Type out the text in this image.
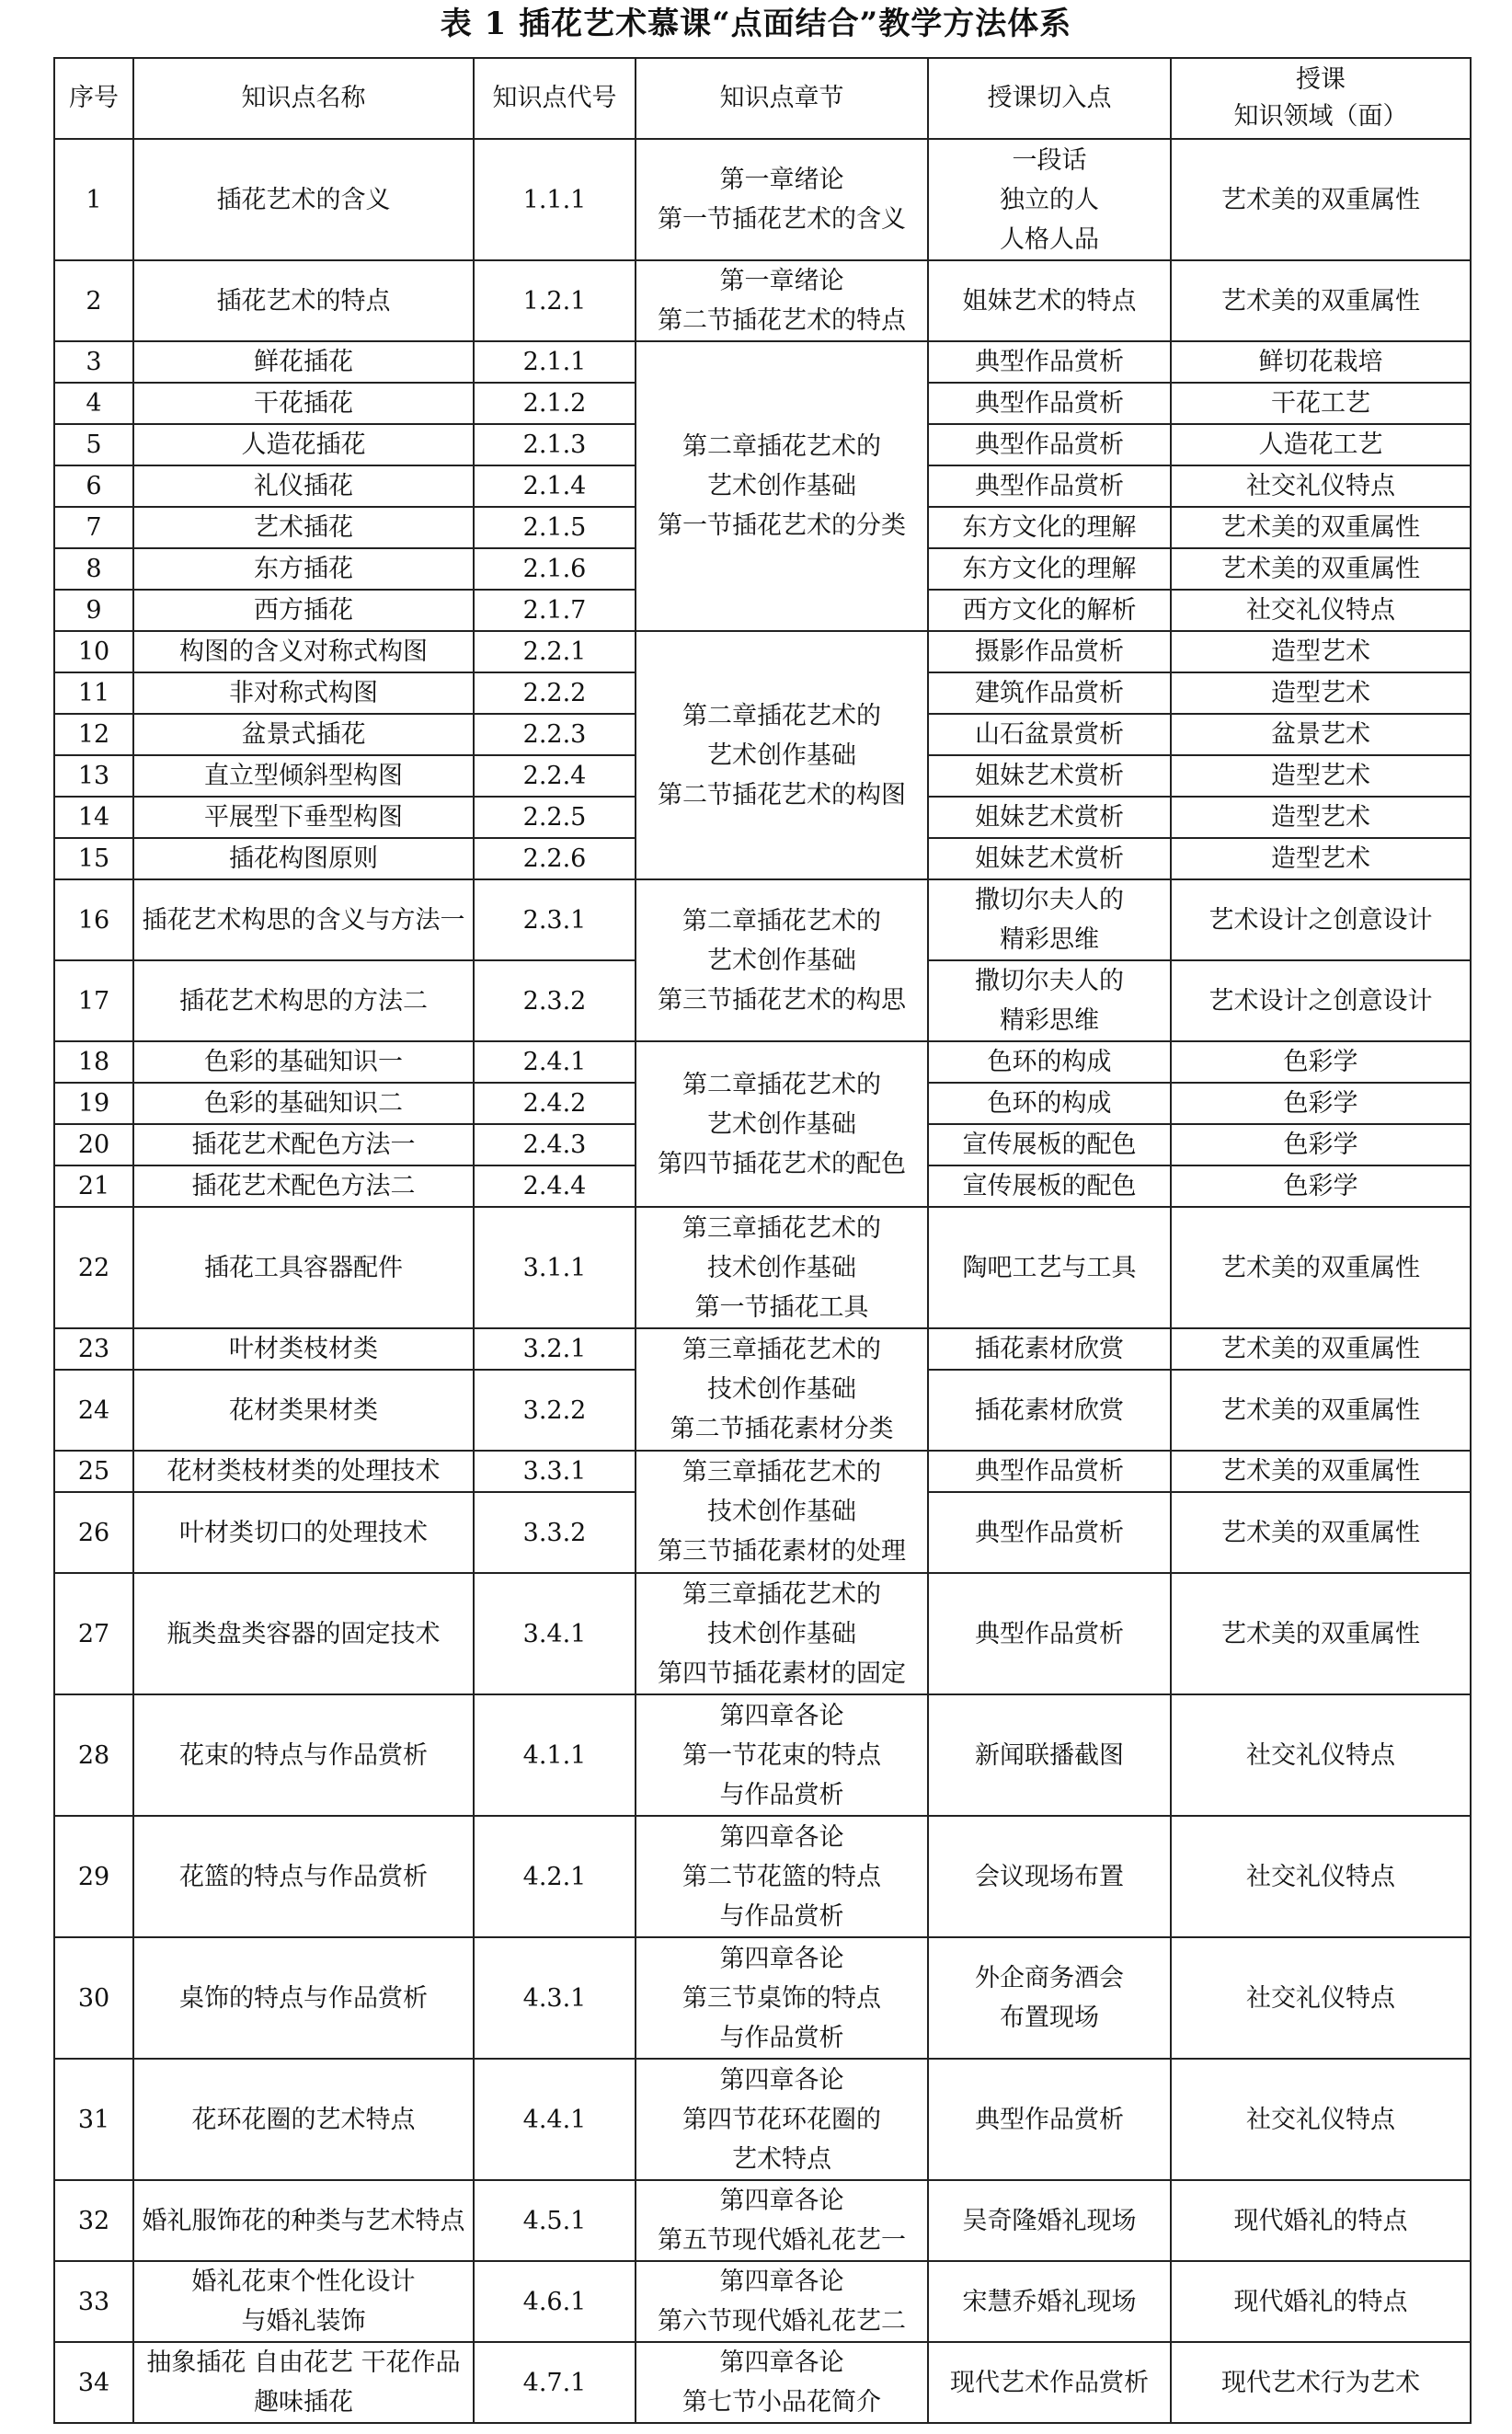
表 1 插花艺术慕课“点面结合”教学方法体系
序号	知识点名称	知识点代号	知识点章节	授课切入点	授课
知识领域（面）
1	插花艺术的含义	1.1.1	第一章绪论
第一节插花艺术的含义	一段话
独立的人
人格人品	艺术美的双重属性
2	插花艺术的特点	1.2.1	第一章绪论
第二节插花艺术的特点	姐妹艺术的特点	艺术美的双重属性
3	鲜花插花	2.1.1	第二章插花艺术的
艺术创作基础
第一节插花艺术的分类	典型作品赏析	鲜切花栽培
4	干花插花	2.1.2		典型作品赏析	干花工艺
5	人造花插花	2.1.3		典型作品赏析	人造花工艺
6	礼仪插花	2.1.4		典型作品赏析	社交礼仪特点
7	艺术插花	2.1.5		东方文化的理解	艺术美的双重属性
8	东方插花	2.1.6		东方文化的理解	艺术美的双重属性
9	西方插花	2.1.7		西方文化的解析	社交礼仪特点
10	构图的含义对称式构图	2.2.1	第二章插花艺术的
艺术创作基础
第二节插花艺术的构图	摄影作品赏析	造型艺术
11	非对称式构图	2.2.2		建筑作品赏析	造型艺术
12	盆景式插花	2.2.3		山石盆景赏析	盆景艺术
13	直立型倾斜型构图	2.2.4		姐妹艺术赏析	造型艺术
14	平展型下垂型构图	2.2.5		姐妹艺术赏析	造型艺术
15	插花构图原则	2.2.6		姐妹艺术赏析	造型艺术
16	插花艺术构思的含义与方法一	2.3.1	第二章插花艺术的
艺术创作基础
第三节插花艺术的构思	撒切尔夫人的
精彩思维	艺术设计之创意设计
17	插花艺术构思的方法二	2.3.2		撒切尔夫人的
精彩思维	艺术设计之创意设计
18	色彩的基础知识一	2.4.1	第二章插花艺术的
艺术创作基础
第四节插花艺术的配色	色环的构成	色彩学
19	色彩的基础知识二	2.4.2		色环的构成	色彩学
20	插花艺术配色方法一	2.4.3		宣传展板的配色	色彩学
21	插花艺术配色方法二	2.4.4		宣传展板的配色	色彩学
22	插花工具容器配件	3.1.1	第三章插花艺术的
技术创作基础
第一节插花工具	陶吧工艺与工具	艺术美的双重属性
23	叶材类枝材类	3.2.1	第三章插花艺术的
技术创作基础
第二节插花素材分类	插花素材欣赏	艺术美的双重属性
24	花材类果材类	3.2.2		插花素材欣赏	艺术美的双重属性
25	花材类枝材类的处理技术	3.3.1	第三章插花艺术的
技术创作基础
第三节插花素材的处理	典型作品赏析	艺术美的双重属性
26	叶材类切口的处理技术	3.3.2		典型作品赏析	艺术美的双重属性
27	瓶类盘类容器的固定技术	3.4.1	第三章插花艺术的
技术创作基础
第四节插花素材的固定	典型作品赏析	艺术美的双重属性
28	花束的特点与作品赏析	4.1.1	第四章各论
第一节花束的特点
与作品赏析	新闻联播截图	社交礼仪特点
29	花篮的特点与作品赏析	4.2.1	第四章各论
第二节花篮的特点
与作品赏析	会议现场布置	社交礼仪特点
30	桌饰的特点与作品赏析	4.3.1	第四章各论
第三节桌饰的特点
与作品赏析	外企商务酒会
布置现场	社交礼仪特点
31	花环花圈的艺术特点	4.4.1	第四章各论
第四节花环花圈的
艺术特点	典型作品赏析	社交礼仪特点
32	婚礼服饰花的种类与艺术特点	4.5.1	第四章各论
第五节现代婚礼花艺一	吴奇隆婚礼现场	现代婚礼的特点
33	婚礼花束个性化设计
与婚礼装饰	4.6.1	第四章各论
第六节现代婚礼花艺二	宋慧乔婚礼现场	现代婚礼的特点
34	抽象插花 自由花艺 干花作品
趣味插花	4.7.1	第四章各论
第七节小品花简介	现代艺术作品赏析	现代艺术行为艺术
